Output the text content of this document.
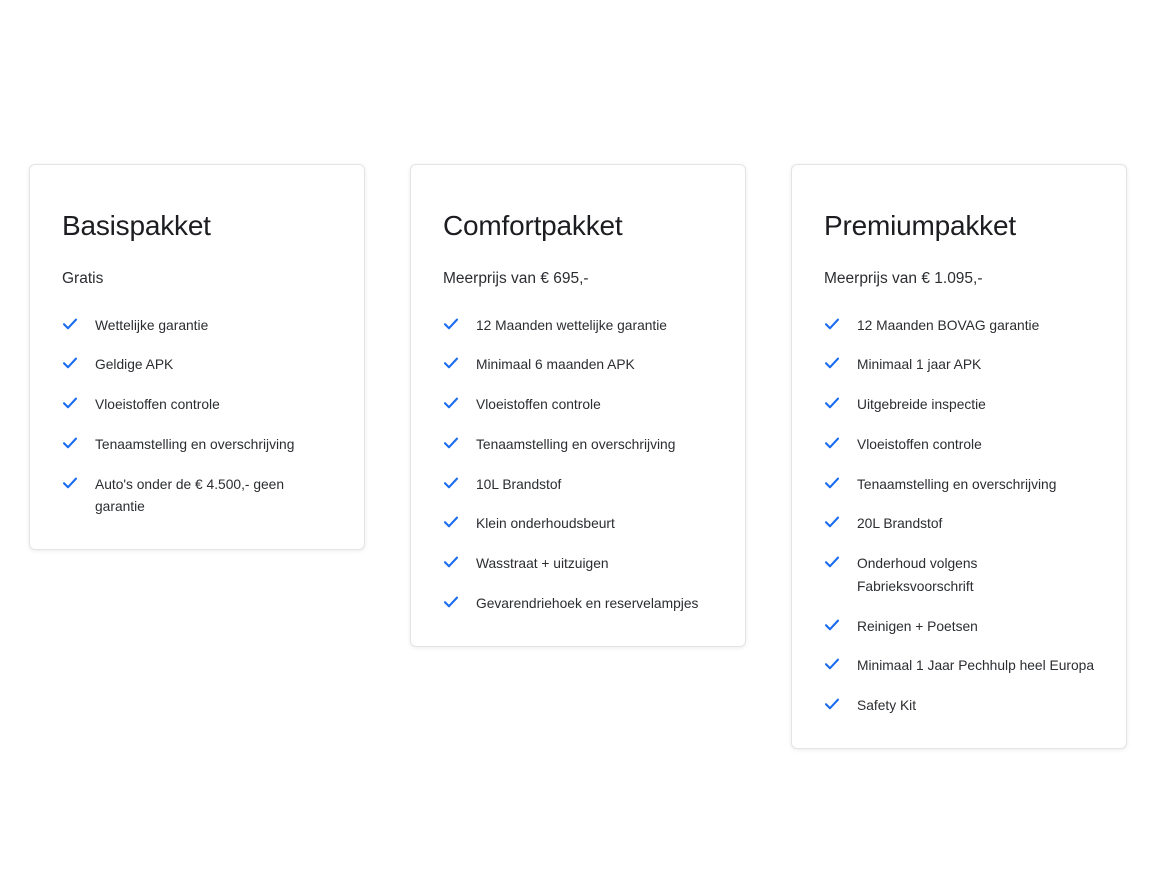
Basispakket

Gratis

Wettelijke garantie
Geldige APK
Vloeistoffen controle
Tenaamstelling en overschrijving
Auto's onder de € 4.500,- geen garantie
Comfortpakket

Meerprijs van € 695,-

12 Maanden wettelijke garantie
Minimaal 6 maanden APK
Vloeistoffen controle
Tenaamstelling en overschrijving
10L Brandstof
Klein onderhoudsbeurt
Wasstraat + uitzuigen
Gevarendriehoek en reservelampjes
Premiumpakket

Meerprijs van € 1.095,-

12 Maanden BOVAG garantie
Minimaal 1 jaar APK
Uitgebreide inspectie
Vloeistoffen controle
Tenaamstelling en overschrijving
20L Brandstof
Onderhoud volgens Fabrieksvoorschrift
Reinigen + Poetsen
Minimaal 1 Jaar Pechhulp heel Europa
Safety Kit
